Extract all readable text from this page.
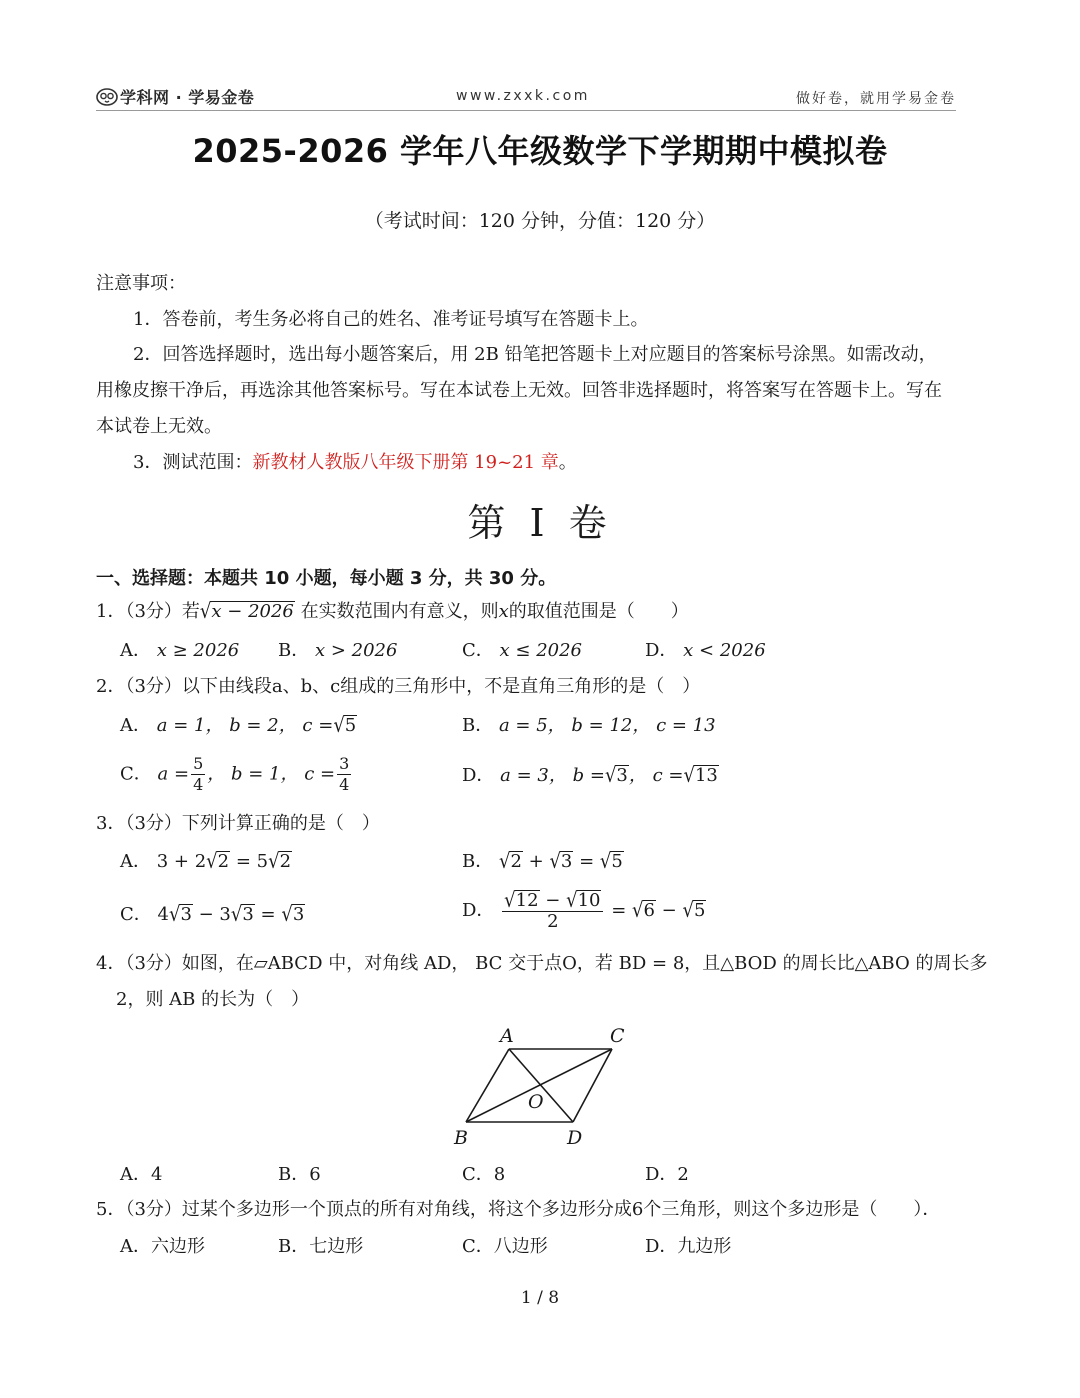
学科网 · 学易金卷	www.zxxk.com	做好卷，就用学易金卷
2025-2026 学年八年级数学下学期期中模拟卷
（考试时间：120 分钟，分值：120 分）
注意事项：
1．答卷前，考生务必将自己的姓名、准考证号填写在答题卡上。
2．回答选择题时，选出每小题答案后，用 2B 铅笔把答题卡上对应题目的答案标号涂黑。如需改动，
用橡皮擦干净后，再选涂其他答案标号。写在本试卷上无效。回答非选择题时，将答案写在答题卡上。写在
本试卷上无效。
3．测试范围：新教材人教版八年级下册第 19~21 章。
第 I 卷
一、选择题：本题共 10 小题，每小题 3 分，共 30 分。
1．（3分）若√x − 2026 在实数范围内有意义，则x的取值范围是（　　）
A． x ≥ 2026 B． x > 2026	C． x ≤ 2026	D． x < 2026
2．（3分）以下由线段a、b、c组成的三角形中，不是直角三角形的是（　）
A． a = 1， b = 2， c =√5	B． a = 5， b = 12， c = 13
C． $a = \frac{5}{4}$ ， b = 1， $c = \frac{3}{4}$	D． a = 3， b =√3， c =√13
3．（3分）下列计算正确的是（　）
A． 3 + 2√2 = 5√2	B． √2 + √3 = √5
C． 4√3 − 3√3 = √3	D． $\frac{√12 - √10}{2} = √6 - √5$
4．（3分）如图，在▱ABCD 中，对角线 AD， BC 交于点O，若 BD = 8，且△BOD 的周长比△ABO 的周长多
2，则 AB 的长为（　）
A	C
O
B	D
A．4	B．6	C．8	D．2
5．（3分）过某个多边形一个顶点的所有对角线，将这个多边形分成6个三角形，则这个多边形是（　　）．
A．六边形	B．七边形	C．八边形	D．九边形
1 / 8
